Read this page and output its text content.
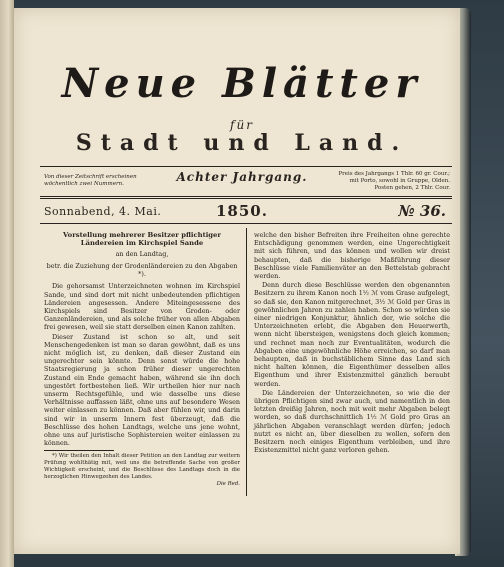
Neue Blätter
für
Stadt und Land.
Von dieser Zeitschrift erscheinen wöchentlich zwei Nummern.	Achter Jahrgang.	Preis des Jahrgangs 1 Thlr. 60 gr. Cour.; mit Porto, sowohl in Gruppe, Olden. Posten gehen, 2 Thlr. Cour.
Sonnabend, 4. Mai.	1850.	№ 36.

Vorstellung mehrerer Besitzer pflichtiger Ländereien im Kirchspiel Sande

an den Landtag,

betr. die Zuziehung der Grodenländereien zu den Abgaben *).

Die gehorsamst Unterzeichneten wohnen im Kirchspiel Sande, und sind dort mit nicht unbedeutenden pflichtigen Ländereien angesessen. Andere Miteingesessene des Kirchspiels sind Besitzer von Groden- oder Ganzenländereien, und als solche früher von allen Abgaben frei gewesen, weil sie statt derselben einen Kanon zahlten.

Dieser Zustand ist schon so alt, und seit Menschengedenken ist man so daran gewöhnt, daß es uns nicht möglich ist, zu denken, daß dieser Zustand ein ungerechter sein könnte. Denn sonst würde die hohe Staatsregierung ja schon früher dieser ungerechten Zustand ein Ende gemacht haben, während sie ihn doch ungestört fortbestehen ließ. Wir urtheilen hier nur nach unserm Rechtsgefühle, und wie dasselbe uns diese Verhältnisse auffassen läßt, ohne uns auf besondere Wesen weiter einlassen zu können. Daß aber fühlen wir, und darin sind wir in unserm Innern fest überzeugt, daß die Beschlüsse des hohen Landtags, welche uns jene wohnt, ohne uns auf juristische Sophistereien weiter einlassen zu können.

*) Wir theilen den Inhalt dieser Petition an den Landtag zur weitern Prüfung wohlthätig mit, weil uns die betreffende Sache von großer Wichtigkeit erscheint, und die Beschlüsse des Landtags doch in die herzoglichen Hinwegzehen des Landes.
Die Red.

welche den bisher Befreiten ihre Freiheiten ohne gerechte Entschädigung genommen werden, eine Ungerechtigkeit mit sich führen, und das können und wollen wir dreist behaupten, daß die bisherige Maßführung dieser Beschlüsse viele Familienväter an den Bettelstab gebracht werden.

Denn durch diese Beschlüsse werden den obgenannten Besitzern zu ihrem Kanon noch 1½ ℳ vom Grase aufgelegt, so daß sie, den Kanon mitgerechnet, 3½ ℳ Gold per Gras in gewöhnlichen Jahren zu zahlen haben. Schon so würden sie einer niedrigen Konjunktur, ähnlich der, wie solche die Unterzeichneten erlebt, die Abgaben den Heuerwerth, wenn nicht übersteigen, wenigstens doch gleich kommen; und rechnet man noch zur Eventualitäten, wodurch die Abgaben eine ungewöhnliche Höhe erreichen, so darf man behaupten, daß in buchstäblichem Sinne das Land sich nicht halten können, die Eigenthümer desselben alles Eigenthum und ihrer Existenzmittel gänzlich beraubt werden.

Die Ländereien der Unterzeichneten, so wie die der übrigen Pflichtigen sind zwar auch, und namentlich in den letzten dreißig Jahren, noch mit weit mehr Abgaben belegt worden, so daß durchschnittlich 1½ ℳ Gold pro Gras an jährlichen Abgaben veranschlagt werden dürfen; jedoch nutzt es nicht an, über dieselben zu wollen, sofern den Besitzern noch einiges Eigenthum verbleiben, und ihre Existenzmittel nicht ganz verloren gehen.
